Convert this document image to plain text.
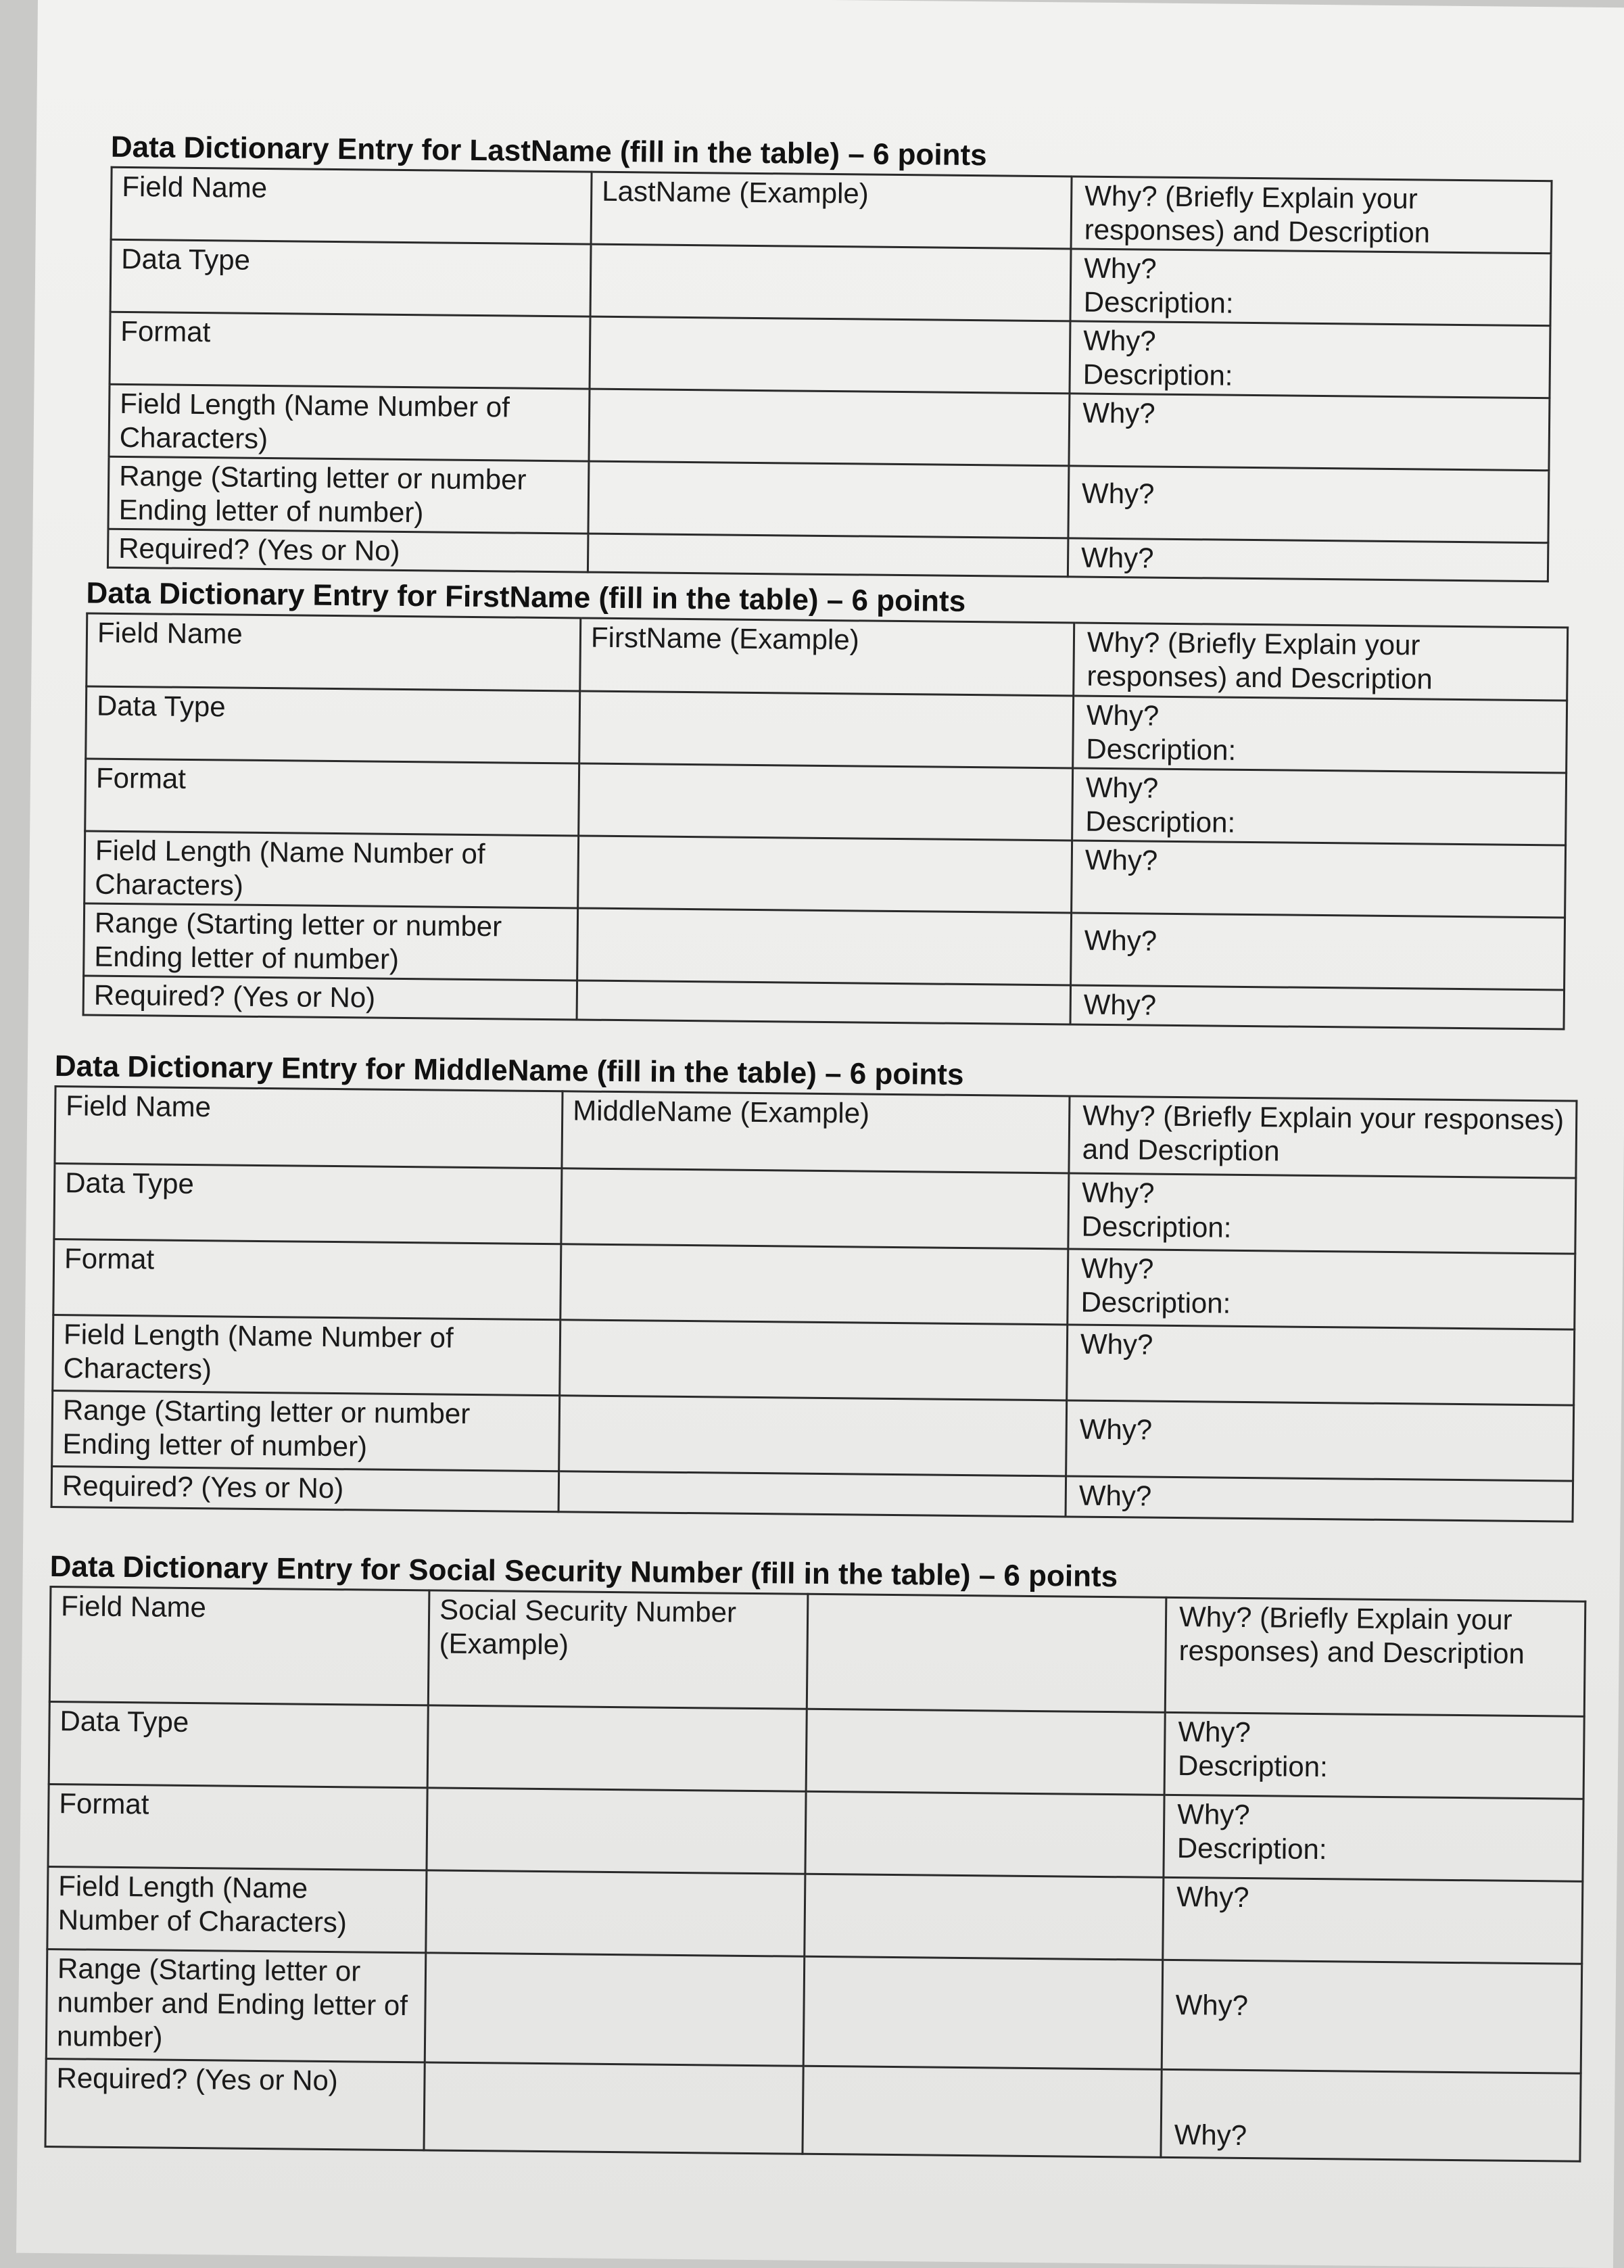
Data Dictionary Entry for LastName (fill in the table) – 6 points
Field Name	LastName (Example)	Why? (Briefly Explain your responses) and Description
Data Type		Why?
Description:

Format		Why?
Description:

Field Length (Name Number of Characters)		Why?

Range (Starting letter or number Ending letter of number)		Why?

Required? (Yes or No)		Why?
Data Dictionary Entry for FirstName (fill in the table) – 6 points
Field Name	FirstName (Example)	Why? (Briefly Explain your responses) and Description
Data Type		Why?
Description:

Format		Why?
Description:

Field Length (Name Number of Characters)		Why?

Range (Starting letter or number Ending letter of number)		Why?

Required? (Yes or No)		Why?
Data Dictionary Entry for MiddleName (fill in the table) – 6 points
Field Name	MiddleName (Example)	Why? (Briefly Explain your responses) and Description
Data Type		Why?
Description:

Format		Why?
Description:

Field Length (Name Number of Characters)		Why?

Range (Starting letter or number Ending letter of number)		Why?

Required? (Yes or No)		Why?
Data Dictionary Entry for Social Security Number (fill in the table) – 6 points
Field Name	Social Security Number (Example)		Why? (Briefly Explain your responses) and Description
Data Type			Why?
Description:

Format			Why?
Description:

Field Length (Name Number of Characters)			Why?

Range (Starting letter or number and Ending letter of number)			Why?

Required? (Yes or No)			Why?
